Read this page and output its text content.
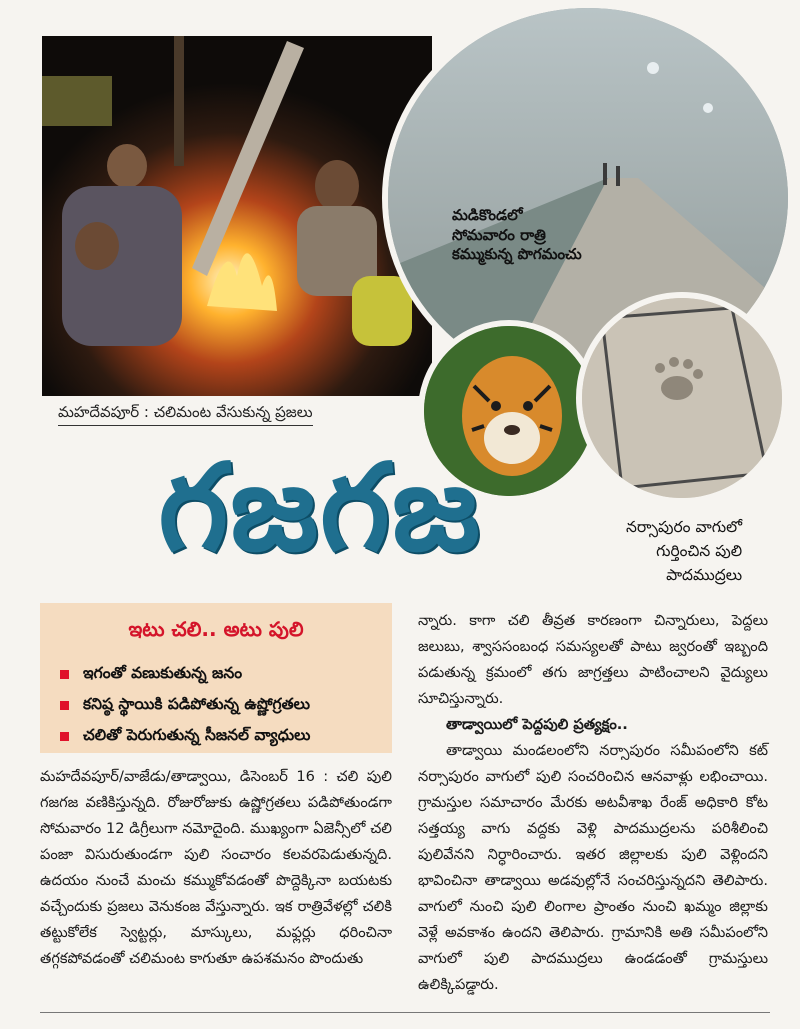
మహదేవపూర్ : చలిమంట వేసుకున్న ప్రజలు
మడికొండలో
సోమవారం రాత్రి
కమ్ముకున్న పొగమంచు
గజగజ	నర్సాపురం వాగులో
గుర్తించిన పులి
పాదముద్రలు
ఇటు చలి.. అటు పులి
ఇగంతో వణుకుతున్న జనం
కనిష్ఠ స్థాయికి పడిపోతున్న ఉష్ణోగ్రతలు
చలితో పెరుగుతున్న సీజనల్ వ్యాధులు

మహదేవపూర్/వాజేడు/తాడ్వాయి, డిసెంబర్ 16 : చలి పులి గజగజ వణికిస్తున్నది. రోజురోజుకు ఉష్ణోగ్రతలు పడిపోతుండగా సోమవారం 12 డిగ్రీలుగా నమోదైంది. ముఖ్యంగా ఏజెన్సీలో చలి పంజా విసురుతుండగా పులి సంచారం కలవరపెడుతున్నది. ఉదయం నుంచే మంచు కమ్ముకోవడంతో పొద్దెక్కినా బయటకు వచ్చేందుకు ప్రజలు వెనుకంజ వేస్తున్నారు. ఇక రాత్రివేళల్లో చలికి తట్టుకోలేక స్వెట్టర్లు, మాస్కులు, మఫ్లర్లు ధరించినా తగ్గకపోవడంతో చలిమంట కాగుతూ ఉపశమనం పొందుతు

న్నారు. కాగా చలి తీవ్రత కారణంగా చిన్నారులు, పెద్దలు జలుబు, శ్వాససంబంధ సమస్యలతో పాటు జ్వరంతో ఇబ్బంది పడుతున్న క్రమంలో తగు జాగ్రత్తలు పాటించాలని వైద్యులు సూచిస్తున్నారు.

తాడ్వాయిలో పెద్దపులి ప్రత్యక్షం..

తాడ్వాయి మండలంలోని నర్సాపురం సమీపంలోని కట్ నర్సాపురం వాగులో పులి సంచరించిన ఆనవాళ్లు లభించాయి. గ్రామస్తుల సమాచారం మేరకు అటవీశాఖ రేంజ్ అధికారి కోట సత్తయ్య వాగు వద్దకు వెళ్లి పాదముద్రలను పరిశీలించి పులివేనని నిర్ధారించారు. ఇతర జిల్లాలకు పులి వెళ్లిందని భావించినా తాడ్వాయి అడవుల్లోనే సంచరిస్తున్నదని తెలిపారు. వాగులో నుంచి పులి లింగాల ప్రాంతం నుంచి ఖమ్మం జిల్లాకు వెళ్లే అవకాశం ఉందని తెలిపారు. గ్రామానికి అతి సమీపంలోని వాగులో పులి పాదముద్రలు ఉండడంతో గ్రామస్తులు ఉలిక్కిపడ్డారు.
